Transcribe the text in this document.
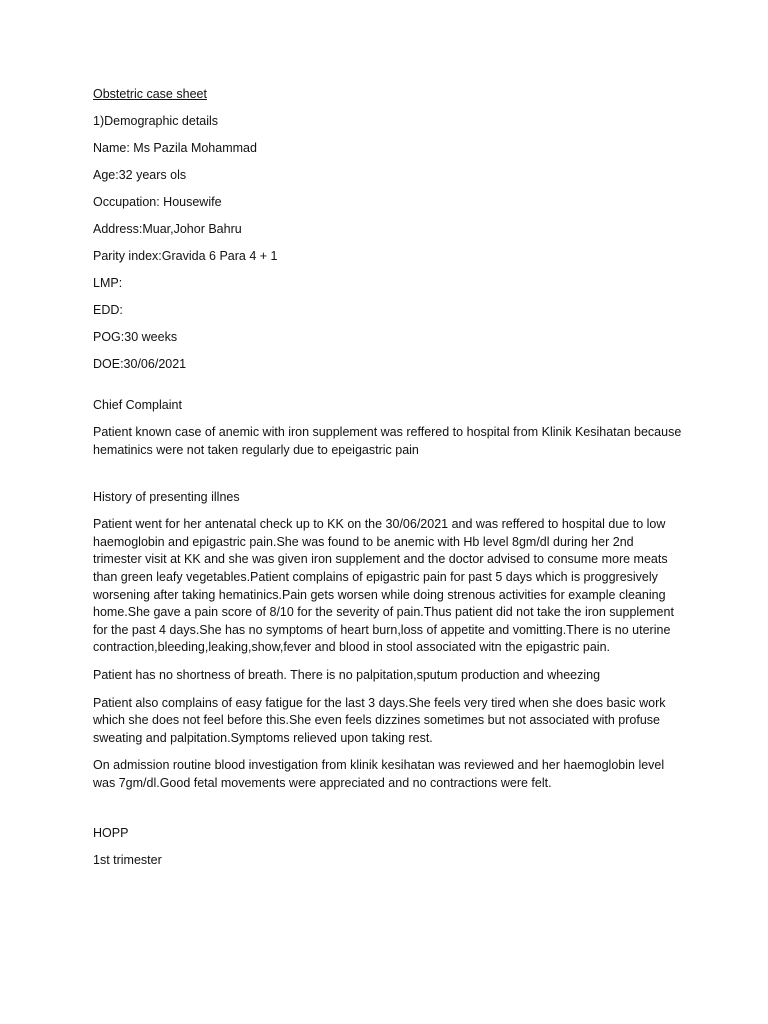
Obstetric case sheet
1)Demographic details
Name: Ms Pazila Mohammad
Age:32 years ols
Occupation: Housewife
Address:Muar,Johor Bahru
Parity index:Gravida 6 Para 4 + 1
LMP:
EDD:
POG:30 weeks
DOE:30/06/2021
Chief Complaint
Patient known case of anemic with iron supplement was reffered to hospital from Klinik Kesihatan because hematinics were not taken regularly due to epeigastric pain
History of presenting illnes
Patient went for her antenatal check up to KK on the 30/06/2021 and was reffered to hospital due to low haemoglobin and epigastric pain.She was found to be anemic with Hb level 8gm/dl during her 2nd trimester visit at KK and she was given iron supplement and the doctor advised to consume more meats than green leafy vegetables.Patient complains of epigastric pain for past 5 days which is proggresively worsening after taking hematinics.Pain gets worsen while doing strenous activities for example cleaning home.She gave a pain score of 8/10 for the severity of pain.Thus patient did not take the iron supplement for the past 4 days.She has no symptoms of heart burn,loss of appetite and vomitting.There is no uterine contraction,bleeding,leaking,show,fever and blood in stool associated witn the epigastric pain.
Patient has no shortness of breath. There is no palpitation,sputum production and wheezing
Patient also complains of easy fatigue for the last 3 days.She feels very tired when she does basic work which she does not feel before this.She even feels dizzines sometimes but not associated with profuse sweating and palpitation.Symptoms relieved upon taking rest.
On admission routine blood investigation from klinik kesihatan was reviewed and her haemoglobin level was 7gm/dl.Good fetal movements were appreciated and no contractions were felt.
HOPP
1st trimester
